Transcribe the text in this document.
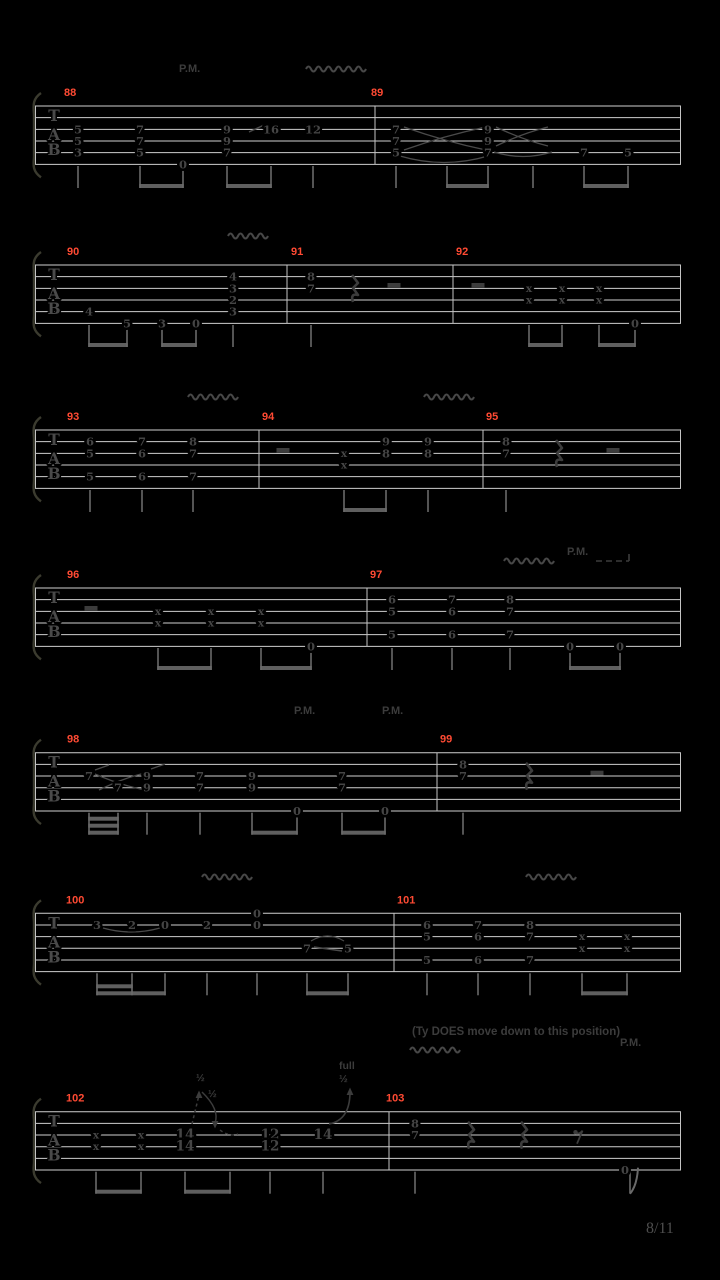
T
A
B
88	89
P.M.
5
5
3
7
7
5
0
9
9
7
16 12	7
7
5
9
9
7	7	5
T
A
B
90	91	92
4
5 3 0
4
3
2
3
8
7	x
x
x
x
x
x
0
T
A
B
93	94	95
6
5
5
7
6
6
8
7
7
x
x
9
8
9
8
8
7
T
A
B
96	97
P.M.
x
x
x
x
x
x
0
6
5
5
7
6
6
8
7
7
0	0
T
A
B
98	99
P.M.	P.M.
7
7
9
9
7
7
9
9
0
7
7
0
8
7
T
A
B
100	101
3 2 0	2
0
0
7	5
6
5
5
7
6
6
8
7
7
x
x
x
x
T
A
B
102	103
(Ty DOES move down to this position)
P.M.
½
½
full
½
x
x
x
x
14
14
12
12
14
8
7
0
8/11
